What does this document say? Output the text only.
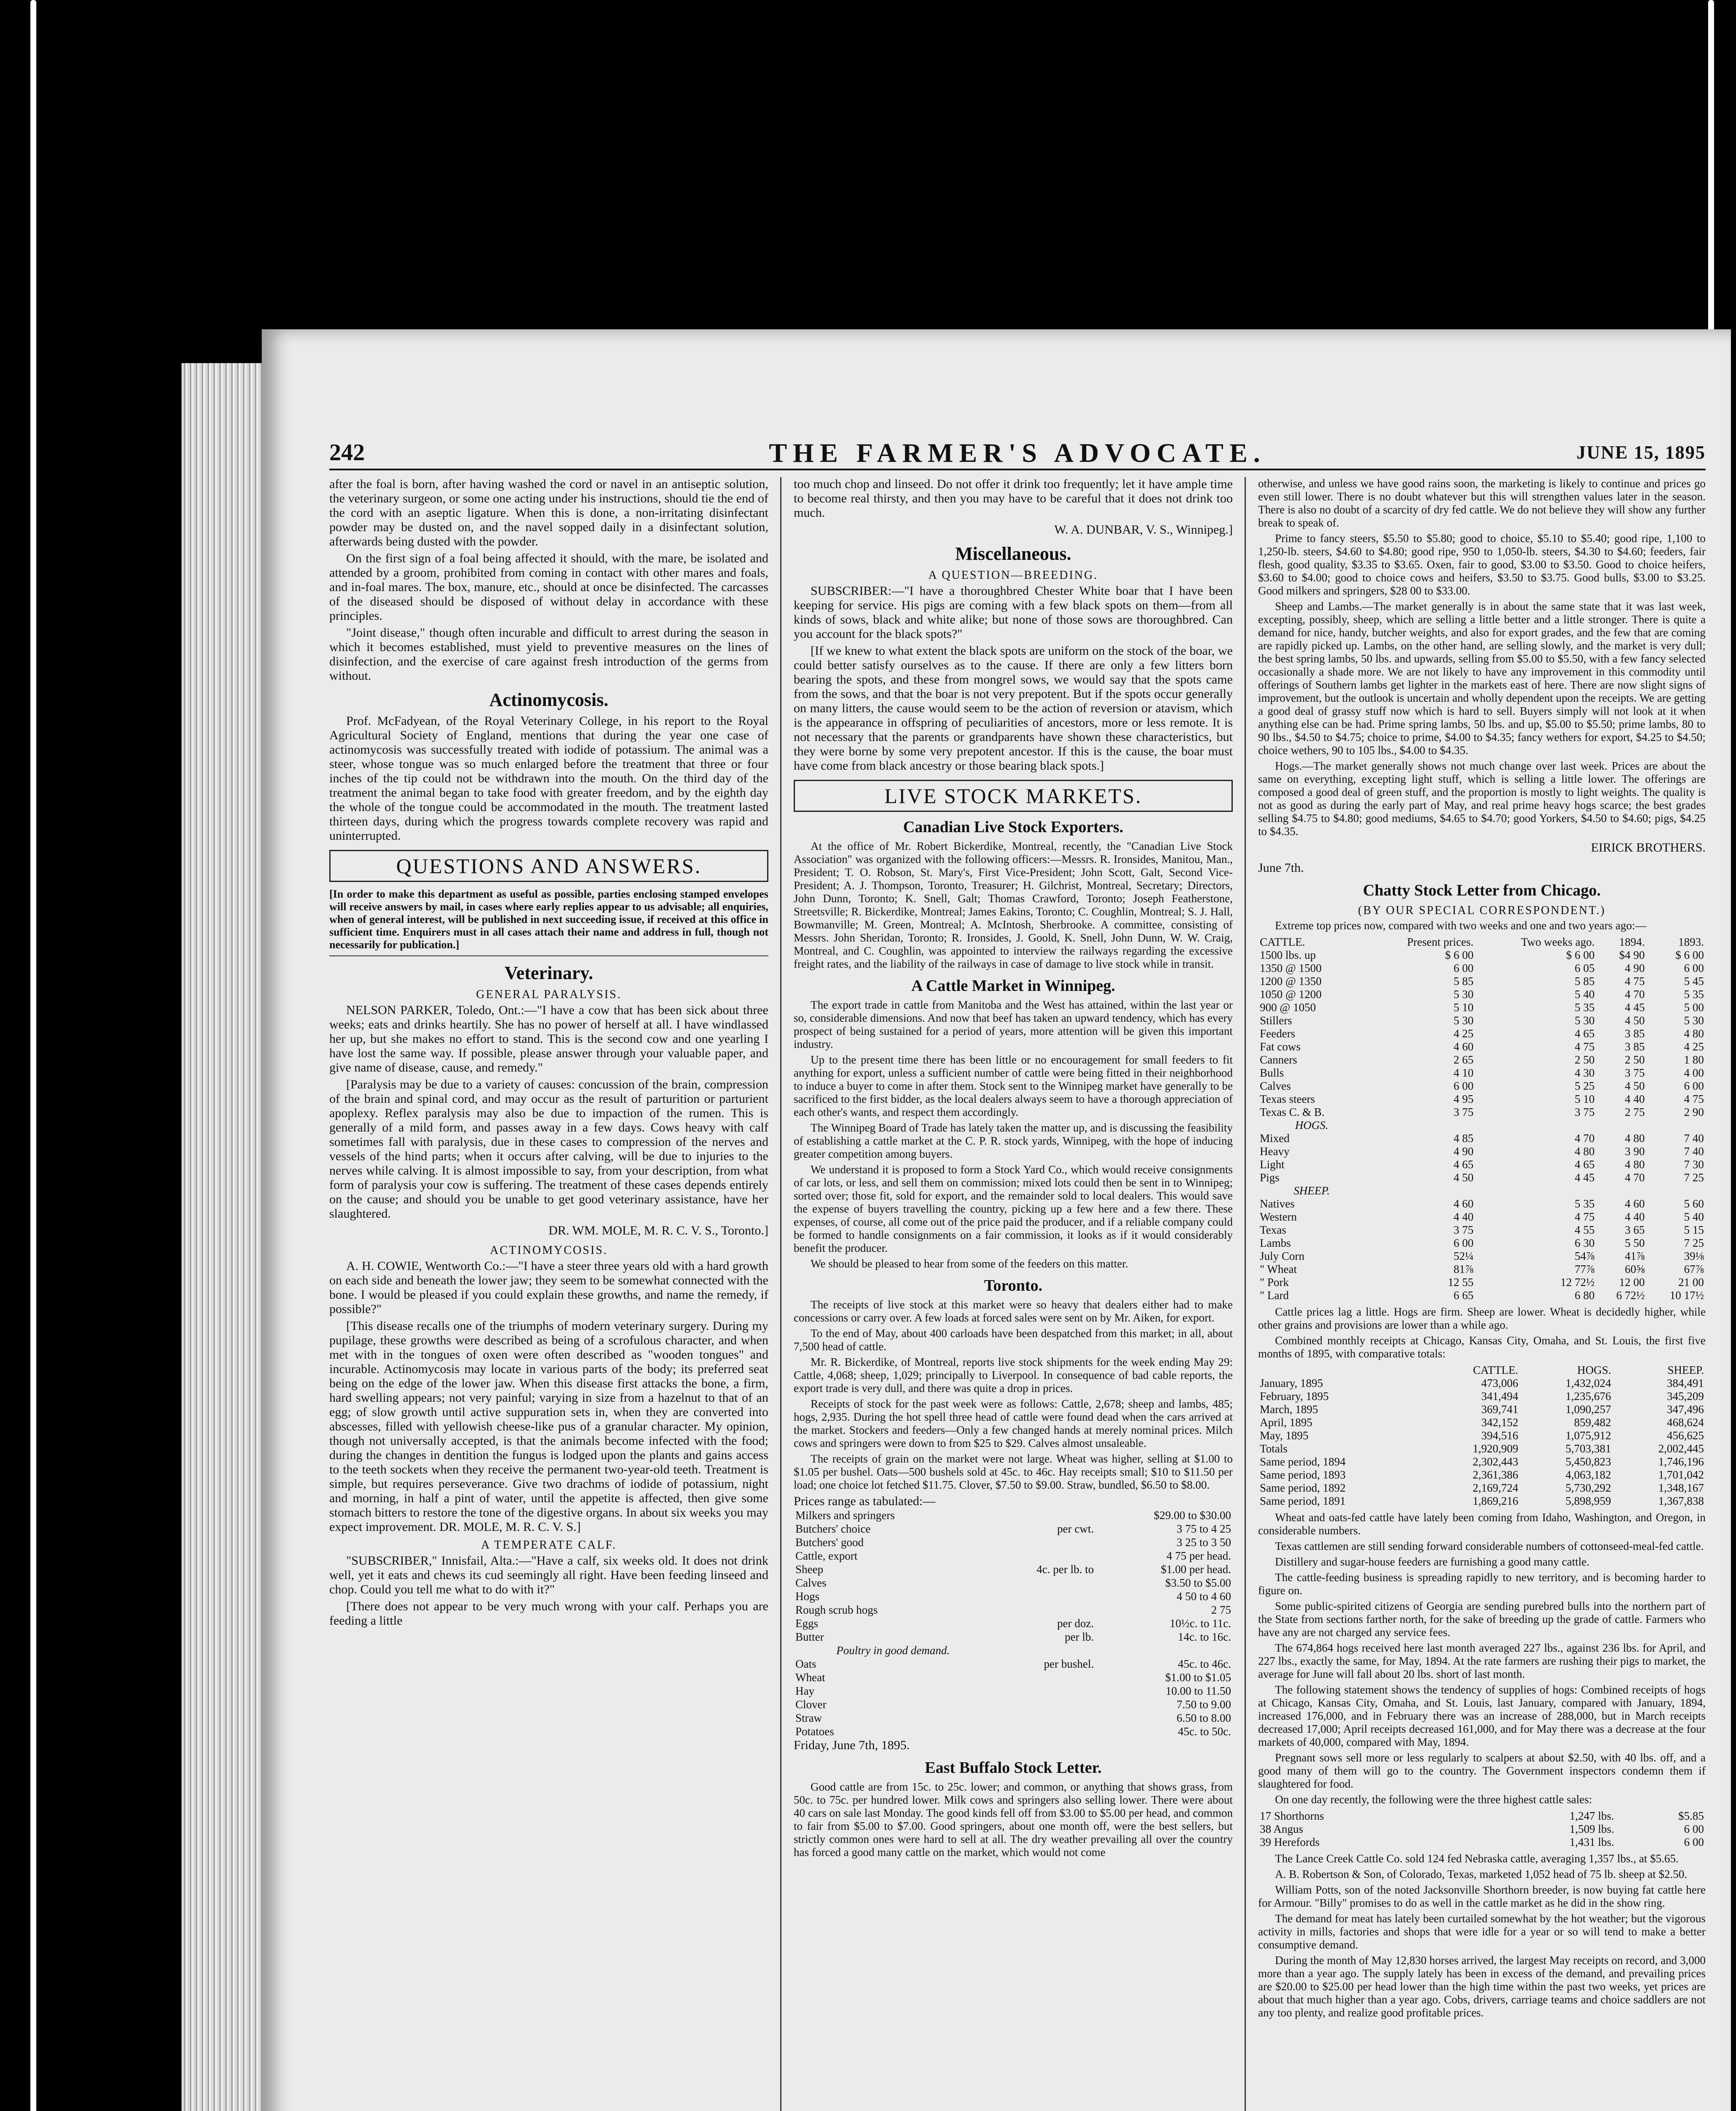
242	THE FARMER'S ADVOCATE.	JUNE 15, 1895

after the foal is born, after having washed the cord or navel in an antiseptic solution, the veterinary surgeon, or some one acting under his instructions, should tie the end of the cord with an aseptic ligature. When this is done, a non-irritating disinfectant powder may be dusted on, and the navel sopped daily in a disinfectant solution, afterwards being dusted with the powder.

On the first sign of a foal being affected it should, with the mare, be isolated and attended by a groom, prohibited from coming in contact with other mares and foals, and in-foal mares. The box, manure, etc., should at once be disinfected. The carcasses of the diseased should be disposed of without delay in accordance with these principles.

"Joint disease," though often incurable and difficult to arrest during the season in which it becomes established, must yield to preventive measures on the lines of disinfection, and the exercise of care against fresh introduction of the germs from without.

Actinomycosis.

Prof. McFadyean, of the Royal Veterinary College, in his report to the Royal Agricultural Society of England, mentions that during the year one case of actinomycosis was successfully treated with iodide of potassium. The animal was a steer, whose tongue was so much enlarged before the treatment that three or four inches of the tip could not be withdrawn into the mouth. On the third day of the treatment the animal began to take food with greater freedom, and by the eighth day the whole of the tongue could be accommodated in the mouth. The treatment lasted thirteen days, during which the progress towards complete recovery was rapid and uninterrupted.

QUESTIONS AND ANSWERS.
[In order to make this department as useful as possible, parties enclosing stamped envelopes will receive answers by mail, in cases where early replies appear to us advisable; all enquiries, when of general interest, will be published in next succeeding issue, if received at this office in sufficient time. Enquirers must in all cases attach their name and address in full, though not necessarily for publication.]
Veterinary.
GENERAL PARALYSIS.

NELSON PARKER, Toledo, Ont.:—"I have a cow that has been sick about three weeks; eats and drinks heartily. She has no power of herself at all. I have windlassed her up, but she makes no effort to stand. This is the second cow and one yearling I have lost the same way. If possible, please answer through your valuable paper, and give name of disease, cause, and remedy."

[Paralysis may be due to a variety of causes: concussion of the brain, compression of the brain and spinal cord, and may occur as the result of parturition or parturient apoplexy. Reflex paralysis may also be due to impaction of the rumen. This is generally of a mild form, and passes away in a few days. Cows heavy with calf sometimes fall with paralysis, due in these cases to compression of the nerves and vessels of the hind parts; when it occurs after calving, will be due to injuries to the nerves while calving. It is almost impossible to say, from your description, from what form of paralysis your cow is suffering. The treatment of these cases depends entirely on the cause; and should you be unable to get good veterinary assistance, have her slaughtered.

DR. WM. MOLE, M. R. C. V. S., Toronto.]
ACTINOMYCOSIS.

A. H. COWIE, Wentworth Co.:—"I have a steer three years old with a hard growth on each side and beneath the lower jaw; they seem to be somewhat connected with the bone. I would be pleased if you could explain these growths, and name the remedy, if possible?"

[This disease recalls one of the triumphs of modern veterinary surgery. During my pupilage, these growths were described as being of a scrofulous character, and when met with in the tongues of oxen were often described as "wooden tongues" and incurable. Actinomycosis may locate in various parts of the body; its preferred seat being on the edge of the lower jaw. When this disease first attacks the bone, a firm, hard swelling appears; not very painful; varying in size from a hazelnut to that of an egg; of slow growth until active suppuration sets in, when they are converted into abscesses, filled with yellowish cheese-like pus of a granular character. My opinion, though not universally accepted, is that the animals become infected with the food; during the changes in dentition the fungus is lodged upon the plants and gains access to the teeth sockets when they receive the permanent two-year-old teeth. Treatment is simple, but requires perseverance. Give two drachms of iodide of potassium, night and morning, in half a pint of water, until the appetite is affected, then give some stomach bitters to restore the tone of the digestive organs. In about six weeks you may expect improvement. DR. MOLE, M. R. C. V. S.]

A TEMPERATE CALF.

"SUBSCRIBER," Innisfail, Alta.:—"Have a calf, six weeks old. It does not drink well, yet it eats and chews its cud seemingly all right. Have been feeding linseed and chop. Could you tell me what to do with it?"

[There does not appear to be very much wrong with your calf. Perhaps you are feeding a little

too much chop and linseed. Do not offer it drink too frequently; let it have ample time to become real thirsty, and then you may have to be careful that it does not drink too much.

W. A. DUNBAR, V. S., Winnipeg.]
Miscellaneous.
A QUESTION—BREEDING.

SUBSCRIBER:—"I have a thoroughbred Chester White boar that I have been keeping for service. His pigs are coming with a few black spots on them—from all kinds of sows, black and white alike; but none of those sows are thoroughbred. Can you account for the black spots?"

[If we knew to what extent the black spots are uniform on the stock of the boar, we could better satisfy ourselves as to the cause. If there are only a few litters born bearing the spots, and these from mongrel sows, we would say that the spots came from the sows, and that the boar is not very prepotent. But if the spots occur generally on many litters, the cause would seem to be the action of reversion or atavism, which is the appearance in offspring of peculiarities of ancestors, more or less remote. It is not necessary that the parents or grandparents have shown these characteristics, but they were borne by some very prepotent ancestor. If this is the cause, the boar must have come from black ancestry or those bearing black spots.]

LIVE STOCK MARKETS.
Canadian Live Stock Exporters.

At the office of Mr. Robert Bickerdike, Montreal, recently, the "Canadian Live Stock Association" was organized with the following officers:—Messrs. R. Ironsides, Manitou, Man., President; T. O. Robson, St. Mary's, First Vice-President; John Scott, Galt, Second Vice-President; A. J. Thompson, Toronto, Treasurer; H. Gilchrist, Montreal, Secretary; Directors, John Dunn, Toronto; K. Snell, Galt; Thomas Crawford, Toronto; Joseph Featherstone, Streetsville; R. Bickerdike, Montreal; James Eakins, Toronto; C. Coughlin, Montreal; S. J. Hall, Bowmanville; M. Green, Montreal; A. McIntosh, Sherbrooke. A committee, consisting of Messrs. John Sheridan, Toronto; R. Ironsides, J. Goold, K. Snell, John Dunn, W. W. Craig, Montreal, and C. Coughlin, was appointed to interview the railways regarding the excessive freight rates, and the liability of the railways in case of damage to live stock while in transit.

A Cattle Market in Winnipeg.

The export trade in cattle from Manitoba and the West has attained, within the last year or so, considerable dimensions. And now that beef has taken an upward tendency, which has every prospect of being sustained for a period of years, more attention will be given this important industry.

Up to the present time there has been little or no encouragement for small feeders to fit anything for export, unless a sufficient number of cattle were being fitted in their neighborhood to induce a buyer to come in after them. Stock sent to the Winnipeg market have generally to be sacrificed to the first bidder, as the local dealers always seem to have a thorough appreciation of each other's wants, and respect them accordingly.

The Winnipeg Board of Trade has lately taken the matter up, and is discussing the feasibility of establishing a cattle market at the C. P. R. stock yards, Winnipeg, with the hope of inducing greater competition among buyers.

We understand it is proposed to form a Stock Yard Co., which would receive consignments of car lots, or less, and sell them on commission; mixed lots could then be sent in to Winnipeg; sorted over; those fit, sold for export, and the remainder sold to local dealers. This would save the expense of buyers travelling the country, picking up a few here and a few there. These expenses, of course, all come out of the price paid the producer, and if a reliable company could be formed to handle consignments on a fair commission, it looks as if it would considerably benefit the producer.

We should be pleased to hear from some of the feeders on this matter.

Toronto.

The receipts of live stock at this market were so heavy that dealers either had to make concessions or carry over. A few loads at forced sales were sent on by Mr. Aiken, for export.

To the end of May, about 400 carloads have been despatched from this market; in all, about 7,500 head of cattle.

Mr. R. Bickerdike, of Montreal, reports live stock shipments for the week ending May 29: Cattle, 4,068; sheep, 1,029; principally to Liverpool. In consequence of bad cable reports, the export trade is very dull, and there was quite a drop in prices.

Receipts of stock for the past week were as follows: Cattle, 2,678; sheep and lambs, 485; hogs, 2,935. During the hot spell three head of cattle were found dead when the cars arrived at the market. Stockers and feeders—Only a few changed hands at merely nominal prices. Milch cows and springers were down to from $25 to $29. Calves almost unsaleable.

The receipts of grain on the market were not large. Wheat was higher, selling at $1.00 to $1.05 per bushel. Oats—500 bushels sold at 45c. to 46c. Hay receipts small; $10 to $11.50 per load; one choice lot fetched $11.75. Clover, $7.50 to $9.00. Straw, bundled, $6.50 to $8.00.

Prices range as tabulated:—
Milkers and springers		$29.00 to $30.00
Butchers' choice	per cwt.	3 75 to 4 25
Butchers' good		3 25 to 3 50
Cattle, export		4 75 per head.
Sheep	4c. per lb. to	$1.00 per head.
Calves		$3.50 to $5.00
Hogs		4 50 to 4 60
Rough scrub hogs		2 75
Eggs	per doz.	10½c. to 11c.
Butter	per lb.	14c. to 16c.
Poultry in good demand.		
Oats	per bushel.	45c. to 46c.
Wheat		$1.00 to $1.05
Hay		10.00 to 11.50
Clover		7.50 to 9.00
Straw		6.50 to 8.00
Potatoes		45c. to 50c.
Friday, June 7th, 1895.
East Buffalo Stock Letter.

Good cattle are from 15c. to 25c. lower; and common, or anything that shows grass, from 50c. to 75c. per hundred lower. Milk cows and springers also selling lower. There were about 40 cars on sale last Monday. The good kinds fell off from $3.00 to $5.00 per head, and common to fair from $5.00 to $7.00. Good springers, about one month off, were the best sellers, but strictly common ones were hard to sell at all. The dry weather prevailing all over the country has forced a good many cattle on the market, which would not come

otherwise, and unless we have good rains soon, the marketing is likely to continue and prices go even still lower. There is no doubt whatever but this will strengthen values later in the season. There is also no doubt of a scarcity of dry fed cattle. We do not believe they will show any further break to speak of.

Prime to fancy steers, $5.50 to $5.80; good to choice, $5.10 to $5.40; good ripe, 1,100 to 1,250-lb. steers, $4.60 to $4.80; good ripe, 950 to 1,050-lb. steers, $4.30 to $4.60; feeders, fair flesh, good quality, $3.35 to $3.65. Oxen, fair to good, $3.00 to $3.50. Good to choice heifers, $3.60 to $4.00; good to choice cows and heifers, $3.50 to $3.75. Good bulls, $3.00 to $3.25. Good milkers and springers, $28 00 to $33.00.

Sheep and Lambs.—The market generally is in about the same state that it was last week, excepting, possibly, sheep, which are selling a little better and a little stronger. There is quite a demand for nice, handy, butcher weights, and also for export grades, and the few that are coming are rapidly picked up. Lambs, on the other hand, are selling slowly, and the market is very dull; the best spring lambs, 50 lbs. and upwards, selling from $5.00 to $5.50, with a few fancy selected occasionally a shade more. We are not likely to have any improvement in this commodity until offerings of Southern lambs get lighter in the markets east of here. There are now slight signs of improvement, but the outlook is uncertain and wholly dependent upon the receipts. We are getting a good deal of grassy stuff now which is hard to sell. Buyers simply will not look at it when anything else can be had. Prime spring lambs, 50 lbs. and up, $5.00 to $5.50; prime lambs, 80 to 90 lbs., $4.50 to $4.75; choice to prime, $4.00 to $4.35; fancy wethers for export, $4.25 to $4.50; choice wethers, 90 to 105 lbs., $4.00 to $4.35.

Hogs.—The market generally shows not much change over last week. Prices are about the same on everything, excepting light stuff, which is selling a little lower. The offerings are composed a good deal of green stuff, and the proportion is mostly to light weights. The quality is not as good as during the early part of May, and real prime heavy hogs scarce; the best grades selling $4.75 to $4.80; good mediums, $4.65 to $4.70; good Yorkers, $4.50 to $4.60; pigs, $4.25 to $4.35.

EIRICK BROTHERS.
June 7th.
Chatty Stock Letter from Chicago.
(BY OUR SPECIAL CORRESPONDENT.)

Extreme top prices now, compared with two weeks and one and two years ago:—

CATTLE.	Present prices.	Two weeks ago.	1894.	1893.
1500 lbs. up	$ 6 00	$ 6 00	$4 90	$ 6 00
1350 @ 1500	6 00	6 05	4 90	6 00
1200 @ 1350	5 85	5 85	4 75	5 45
1050 @ 1200	5 30	5 40	4 70	5 35
900 @ 1050	5 10	5 35	4 45	5 00
Stillers	5 30	5 30	4 50	5 30
Feeders	4 25	4 65	3 85	4 80
Fat cows	4 60	4 75	3 85	4 25
Canners	2 65	2 50	2 50	1 80
Bulls	4 10	4 30	3 75	4 00
Calves	6 00	5 25	4 50	6 00
Texas steers	4 95	5 10	4 40	4 75
Texas C. & B.	3 75	3 75	2 75	2 90
HOGS.				
Mixed	4 85	4 70	4 80	7 40
Heavy	4 90	4 80	3 90	7 40
Light	4 65	4 65	4 80	7 30
Pigs	4 50	4 45	4 70	7 25
SHEEP.				
Natives	4 60	5 35	4 60	5 60
Western	4 40	4 75	4 40	5 40
Texas	3 75	4 55	3 65	5 15
Lambs	6 00	6 30	5 50	7 25
July Corn	52¼	54⅞	41⅞	39⅛
" Wheat	81⅞	77⅞	60⅝	67⅞
" Pork	12 55	12 72½	12 00	21 00
" Lard	6 65	6 80	6 72½	10 17½

Cattle prices lag a little. Hogs are firm. Sheep are lower. Wheat is decidedly higher, while other grains and provisions are lower than a while ago.

Combined monthly receipts at Chicago, Kansas City, Omaha, and St. Louis, the first five months of 1895, with comparative totals:

	CATTLE.	HOGS.	SHEEP.
January, 1895	473,006	1,432,024	384,491
February, 1895	341,494	1,235,676	345,209
March, 1895	369,741	1,090,257	347,496
April, 1895	342,152	859,482	468,624
May, 1895	394,516	1,075,912	456,625
Totals	1,920,909	5,703,381	2,002,445
Same period, 1894	2,302,443	5,450,823	1,746,196
Same period, 1893	2,361,386	4,063,182	1,701,042
Same period, 1892	2,169,724	5,730,292	1,348,167
Same period, 1891	1,869,216	5,898,959	1,367,838

Wheat and oats-fed cattle have lately been coming from Idaho, Washington, and Oregon, in considerable numbers.

Texas cattlemen are still sending forward considerable numbers of cottonseed-meal-fed cattle.

Distillery and sugar-house feeders are furnishing a good many cattle.

The cattle-feeding business is spreading rapidly to new territory, and is becoming harder to figure on.

Some public-spirited citizens of Georgia are sending purebred bulls into the northern part of the State from sections farther north, for the sake of breeding up the grade of cattle. Farmers who have any are not charged any service fees.

The 674,864 hogs received here last month averaged 227 lbs., against 236 lbs. for April, and 227 lbs., exactly the same, for May, 1894. At the rate farmers are rushing their pigs to market, the average for June will fall about 20 lbs. short of last month.

The following statement shows the tendency of supplies of hogs: Combined receipts of hogs at Chicago, Kansas City, Omaha, and St. Louis, last January, compared with January, 1894, increased 176,000, and in February there was an increase of 288,000, but in March receipts decreased 17,000; April receipts decreased 161,000, and for May there was a decrease at the four markets of 40,000, compared with May, 1894.

Pregnant sows sell more or less regularly to scalpers at about $2.50, with 40 lbs. off, and a good many of them will go to the country. The Government inspectors condemn them if slaughtered for food.

On one day recently, the following were the three highest cattle sales:

17 Shorthorns	1,247 lbs.	$5.85
38 Angus	1,509 lbs.	6 00
39 Herefords	1,431 lbs.	6 00

The Lance Creek Cattle Co. sold 124 fed Nebraska cattle, averaging 1,357 lbs., at $5.65.

A. B. Robertson & Son, of Colorado, Texas, marketed 1,052 head of 75 lb. sheep at $2.50.

William Potts, son of the noted Jacksonville Shorthorn breeder, is now buying fat cattle here for Armour. "Billy" promises to do as well in the cattle market as he did in the show ring.

The demand for meat has lately been curtailed somewhat by the hot weather; but the vigorous activity in mills, factories and shops that were idle for a year or so will tend to make a better consumptive demand.

During the month of May 12,830 horses arrived, the largest May receipts on record, and 3,000 more than a year ago. The supply lately has been in excess of the demand, and prevailing prices are $20.00 to $25.00 per head lower than the high time within the past two weeks, yet prices are about that much higher than a year ago. Cobs, drivers, carriage teams and choice saddlers are not any too plenty, and realize good profitable prices.
